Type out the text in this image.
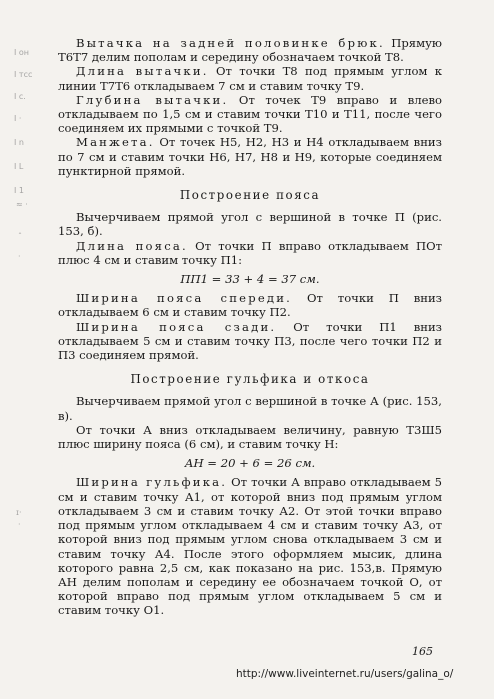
I он
I тсс
I с.
I ·
I n
I L
I 1
≈ ·
ˆ
·
ɪ·
·

Вытачка на задней половинке брюк. Прямую T6T7 делим пополам и середину обозначаем точкой T8.

Длина вытачки. От точки T8 под прямым углом к линии T7T6 откладываем 7 см и ставим точку T9.

Глубина вытачки. От точек T9 вправо и влево откладываем по 1,5 см и ставим точки T10 и T11, после чего соединяем их прямыми с точкой T9.

Манжета. От точек H5, H2, H3 и H4 откладываем вниз по 7 см и ставим точки H6, H7, H8 и H9, которые соединяем пунктирной прямой.

Построение пояса

Вычерчиваем прямой угол с вершиной в точке П (рис. 153, б).

Длина пояса. От точки П вправо откладываем ПОт плюс 4 см и ставим точку П1:

ПП1 = 33 + 4 = 37 см.

Ширина пояса спереди. От точки П вниз откладываем 6 см и ставим точку П2.

Ширина пояса сзади. От точки П1 вниз откладываем 5 см и ставим точку П3, после чего точки П2 и П3 соединяем прямой.

Построение гульфика и откоса

Вычерчиваем прямой угол с вершиной в точке А (рис. 153, в).

От точки А вниз откладываем величину, равную T3Ш5 плюс ширину пояса (6 см), и ставим точку Н:

АН = 20 + 6 = 26 см.

Ширина гульфика. От точки А вправо откладываем 5 см и ставим точку А1, от которой вниз под прямым углом откладываем 3 см и ставим точку А2. От этой точки вправо под прямым углом откладываем 4 см и ставим точку А3, от которой вниз под прямым углом снова откладываем 3 см и ставим точку А4. После этого оформляем мысик, длина которого равна 2,5 см, как показано на рис. 153,в. Прямую АН делим пополам и середину ее обозначаем точкой О, от которой вправо под прямым углом откладываем 5 см и ставим точку О1.

165
http://www.liveinternet.ru/users/galina_o/
